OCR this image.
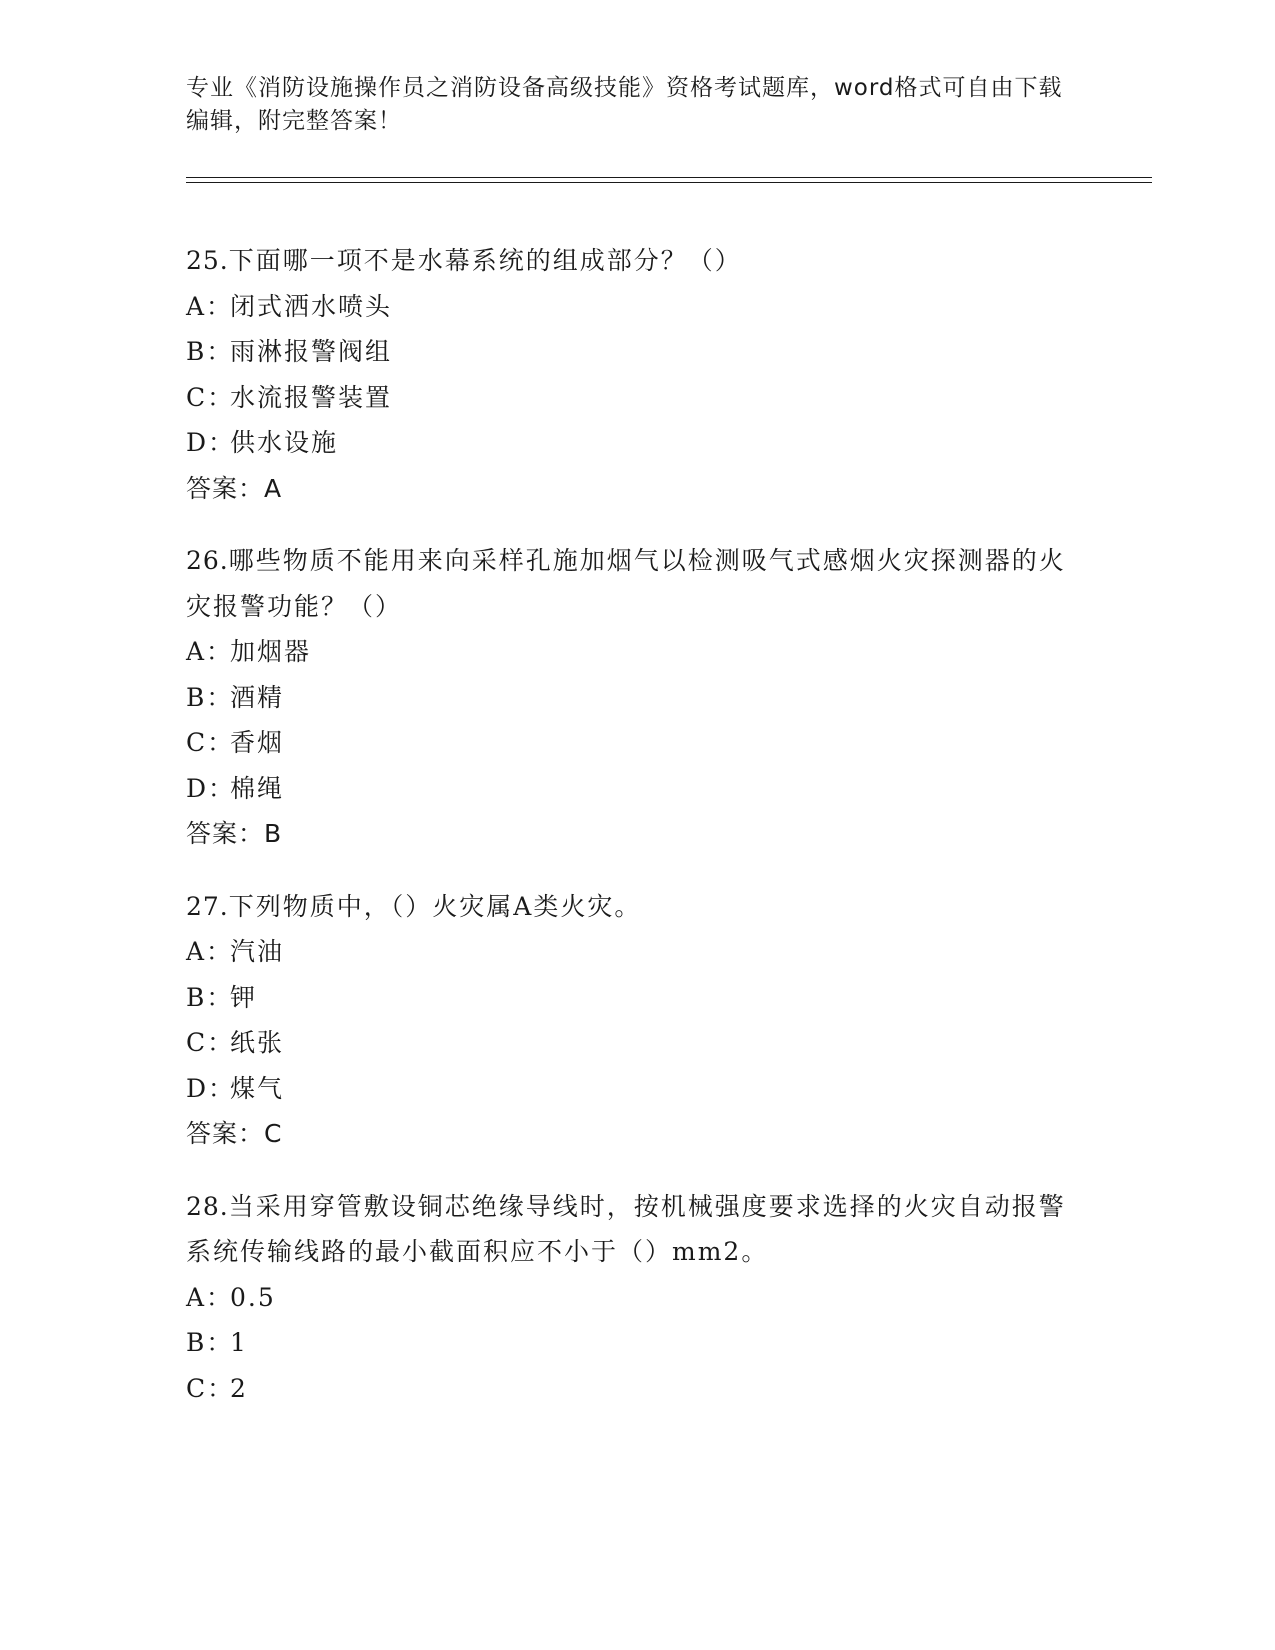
专业《消防设施操作员之消防设备高级技能》资格考试题库，word格式可自由下载编辑，附完整答案！
25.下面哪一项不是水幕系统的组成部分？（）
A：闭式洒水喷头
B：雨淋报警阀组
C：水流报警装置
D：供水设施
答案：A
26.哪些物质不能用来向采样孔施加烟气以检测吸气式感烟火灾探测器的火灾报警功能？（）
A：加烟器
B：酒精
C：香烟
D：棉绳
答案：B
27.下列物质中，（）火灾属A类火灾。
A：汽油
B：钾
C：纸张
D：煤气
答案：C
28.当采用穿管敷设铜芯绝缘导线时，按机械强度要求选择的火灾自动报警系统传输线路的最小截面积应不小于（）mm2。
A：0.5
B：1
C：2
